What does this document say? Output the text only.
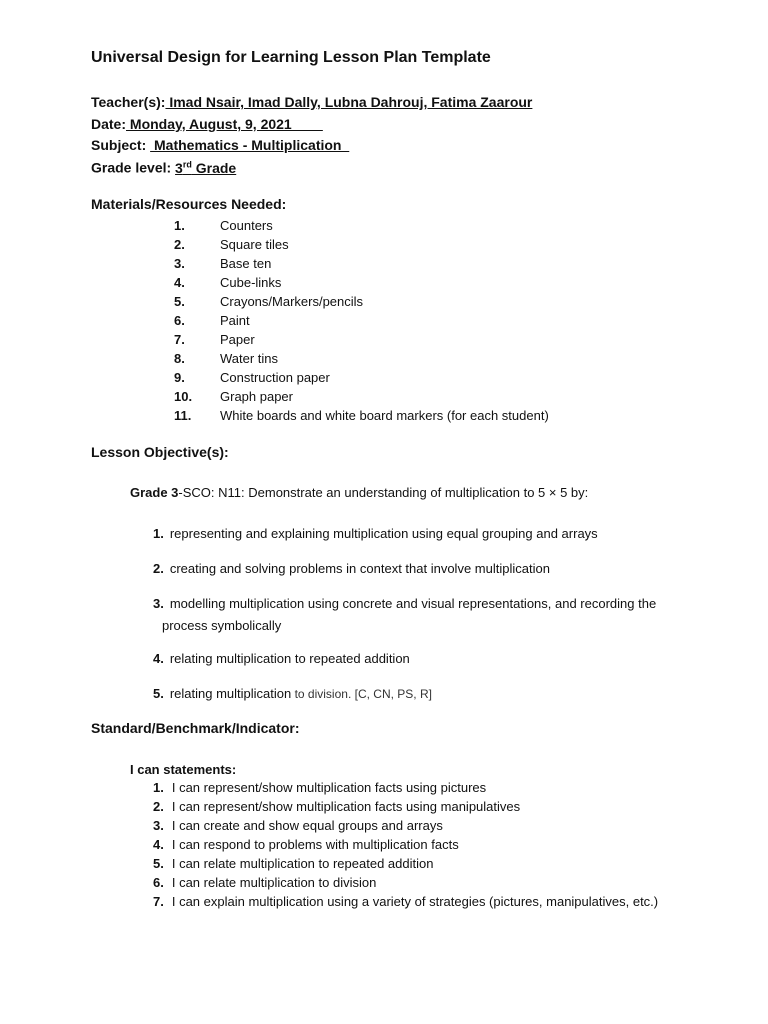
Universal Design for Learning Lesson Plan Template
Teacher(s): Imad Nsair, Imad Dally, Lubna Dahrouj, Fatima Zaarour
Date: Monday, August, 9, 2021
Subject:  Mathematics - Multiplication
Grade level: 3rd Grade
Materials/Resources Needed:
1.	Counters
2.	Square tiles
3.	Base ten
4.	Cube-links
5.	Crayons/Markers/pencils
6.	Paint
7.	Paper
8.	Water tins
9.	Construction paper
10. Graph paper
11. White boards and white board markers (for each student)
Lesson Objective(s):
Grade 3-SCO: N11: Demonstrate an understanding of multiplication to 5 × 5 by:
1. representing and explaining multiplication using equal grouping and arrays
2. creating and solving problems in context that involve multiplication
3. modelling multiplication using concrete and visual representations, and recording the
process symbolically
4. relating multiplication to repeated addition
5. relating multiplication to division. [C, CN, PS, R]
Standard/Benchmark/Indicator:
I can statements:
1. I can represent/show multiplication facts using pictures
2. I can represent/show multiplication facts using manipulatives
3. I can create and show equal groups and arrays
4. I can respond to problems with multiplication facts
5. I can relate multiplication to repeated addition
6. I can relate multiplication to division
7. I can explain multiplication using a variety of strategies (pictures, manipulatives, etc.)
